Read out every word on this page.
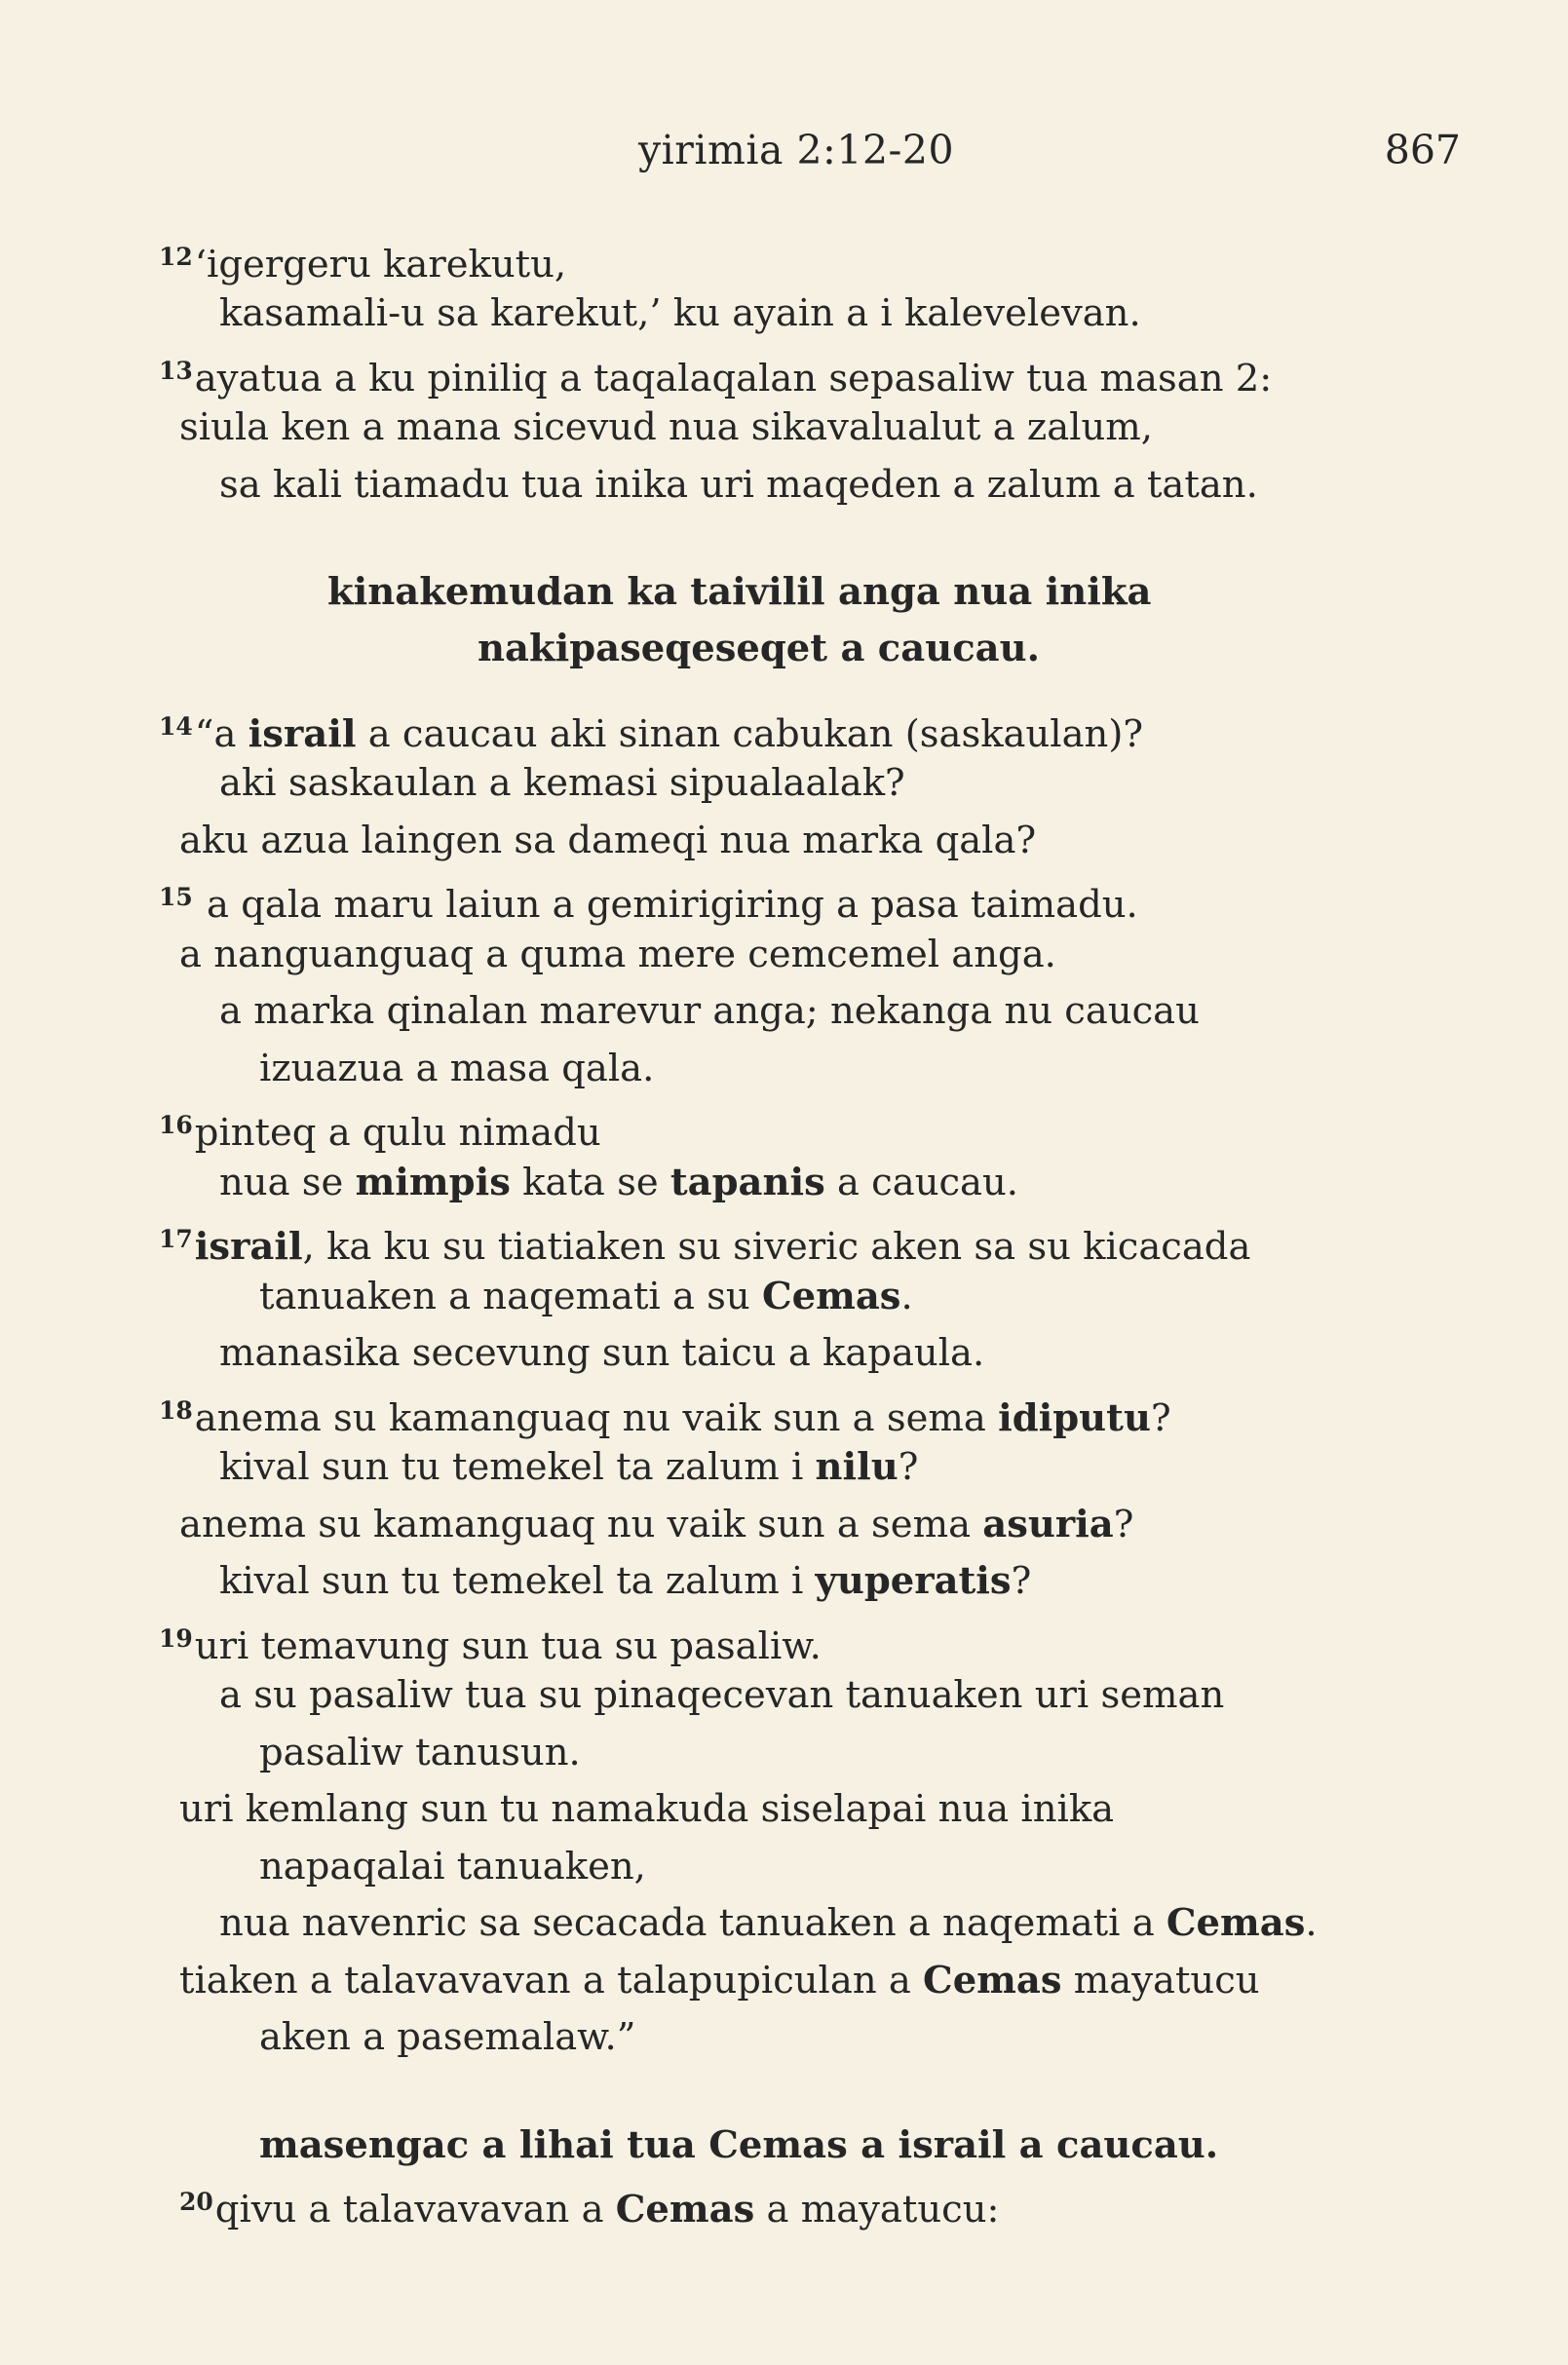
yirimia 2:12-20	867
$^{12}$‘igergeru karekutu,
kasamali-u sa karekut,’ ku ayain a i kalevelevan.
$^{13}$ayatua a ku piniliq a taqalaqalan sepasaliw tua masan 2:
siula ken a mana sicevud nua sikavalualut a zalum,
sa kali tiamadu tua inika uri maqeden a zalum a tatan.
kinakemudan ka taivilil anga nua inika
nakipaseqeseqet a caucau.
$^{14}$“a israil a caucau aki sinan cabukan (saskaulan)?
aki saskaulan a kemasi sipualaalak?
aku azua laingen sa dameqi nua marka qala?
$^{15}$ a qala maru laiun a gemirigiring a pasa taimadu.
a nanguanguaq a quma mere cemcemel anga.
a marka qinalan marevur anga; nekanga nu caucau
izuazua a masa qala.
$^{16}$pinteq a qulu nimadu
nua se mimpis kata se tapanis a caucau.
$^{17}$israil, ka ku su tiatiaken su siveric aken sa su kicacada
tanuaken a naqemati a su Cemas.
manasika secevung sun taicu a kapaula.
$^{18}$anema su kamanguaq nu vaik sun a sema idiputu?
kival sun tu temekel ta zalum i nilu?
anema su kamanguaq nu vaik sun a sema asuria?
kival sun tu temekel ta zalum i yuperatis?
$^{19}$uri temavung sun tua su pasaliw.
a su pasaliw tua su pinaqecevan tanuaken uri seman
pasaliw tanusun.
uri kemlang sun tu namakuda siselapai nua inika
napaqalai tanuaken,
nua navenric sa secacada tanuaken a naqemati a Cemas.
tiaken a talavavavan a talapupiculan a Cemas mayatucu
aken a pasemalaw.”
masengac a lihai tua Cemas a israil a caucau.
$^{20}$qivu a talavavavan a Cemas a mayatucu:
